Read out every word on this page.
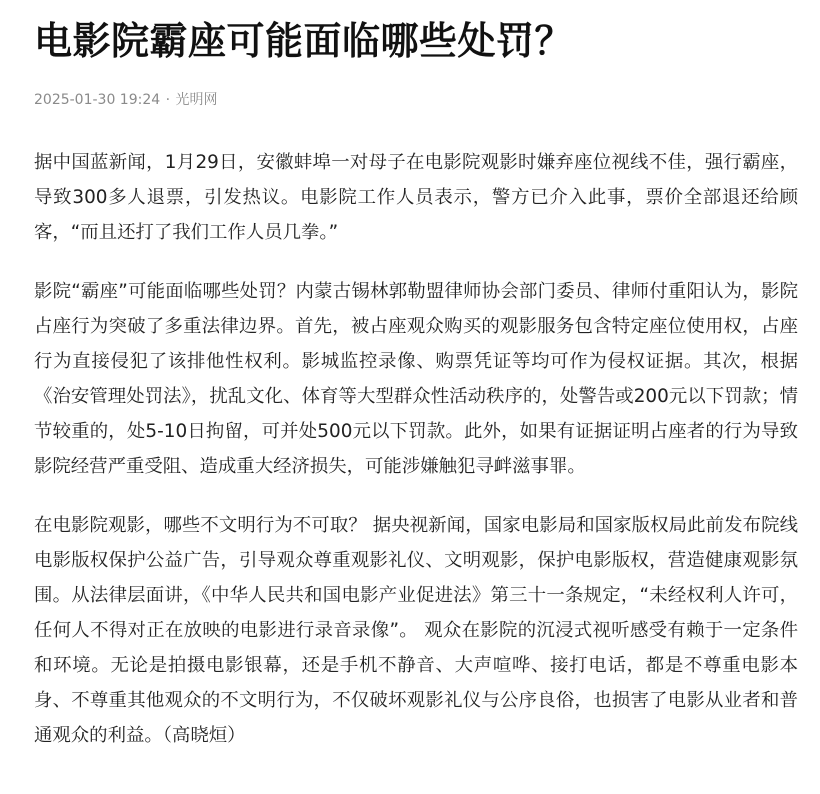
电影院霸座可能面临哪些处罚？
2025-01-30 19:24 · 光明网

据中国蓝新闻，1月29日，安徽蚌埠一对母子在电影院观影时嫌弃座位视线不佳，强行霸座，导致300多人退票，引发热议。电影院工作人员表示，警方已介入此事，票价全部退还给顾客，“而且还打了我们工作人员几拳。”

影院“霸座”可能面临哪些处罚？内蒙古锡林郭勒盟律师协会部门委员、律师付重阳认为，影院占座行为突破了多重法律边界。首先，被占座观众购买的观影服务包含特定座位使用权，占座行为直接侵犯了该排他性权利。影城监控录像、购票凭证等均可作为侵权证据。其次，根据《治安管理处罚法》，扰乱文化、体育等大型群众性活动秩序的，处警告或200元以下罚款；情节较重的，处5-10日拘留，可并处500元以下罚款。此外，如果有证据证明占座者的行为导致影院经营严重受阻、造成重大经济损失，可能涉嫌触犯寻衅滋事罪。

在电影院观影，哪些不文明行为不可取？ 据央视新闻，国家电影局和国家版权局此前发布院线电影版权保护公益广告，引导观众尊重观影礼仪、文明观影，保护电影版权，营造健康观影氛围。从法律层面讲，《中华人民共和国电影产业促进法》第三十一条规定，“未经权利人许可，任何人不得对正在放映的电影进行录音录像”。 观众在影院的沉浸式视听感受有赖于一定条件和环境。无论是拍摄电影银幕，还是手机不静音、大声喧哗、接打电话，都是不尊重电影本身、不尊重其他观众的不文明行为，不仅破坏观影礼仪与公序良俗，也损害了电影从业者和普通观众的利益。（高晓烜）
